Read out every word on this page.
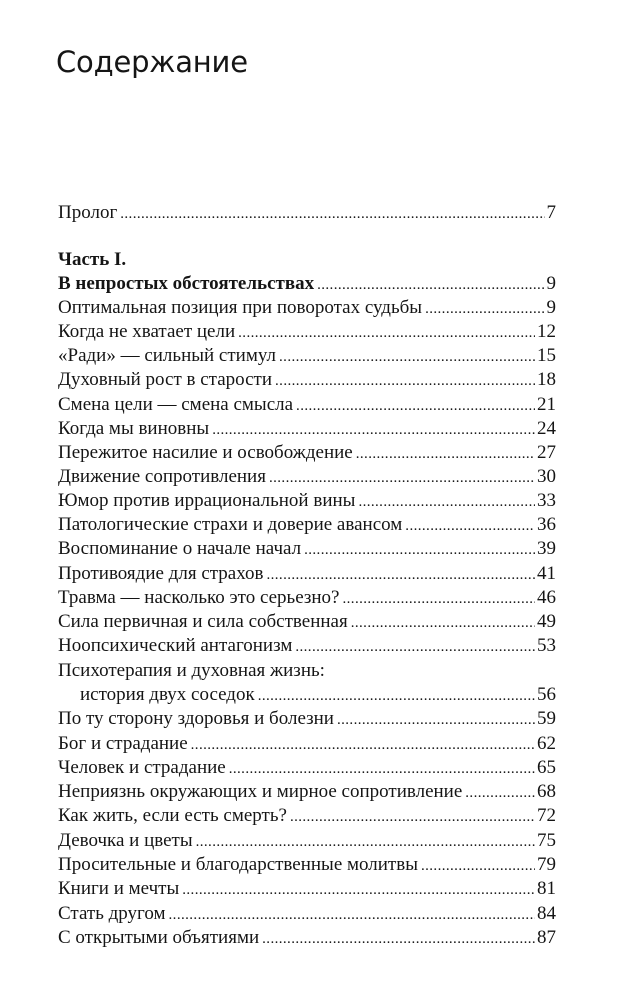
Содержание
Пролог .....	7
Часть I.
В непростых обстоятельствах .....	9
Оптимальная позиция при поворотах судьбы .....	9
Когда не хватает цели .....	12
«Ради» — сильный стимул .....	15
Духовный рост в старости .....	18
Смена цели — смена смысла .....	21
Когда мы виновны .....	24
Пережитое насилие и освобождение .....	27
Движение сопротивления .....	30
Юмор против иррациональной вины .....	33
Патологические страхи и доверие авансом .....	36
Воспоминание о начале начал .....	39
Противоядие для страхов .....	41
Травма — насколько это серьезно? .....	46
Сила первичная и сила собственная .....	49
Ноопсихический антагонизм .....	53
Психотерапия и духовная жизнь:
история двух соседок .....	56
По ту сторону здоровья и болезни .....	59
Бог и страдание .....	62
Человек и страдание .....	65
Неприязнь окружающих и мирное сопротивление .....	68
Как жить, если есть смерть? .....	72
Девочка и цветы .....	75
Просительные и благодарственные молитвы .....	79
Книги и мечты .....	81
Стать другом .....	84
С открытыми объятиями .....	87
